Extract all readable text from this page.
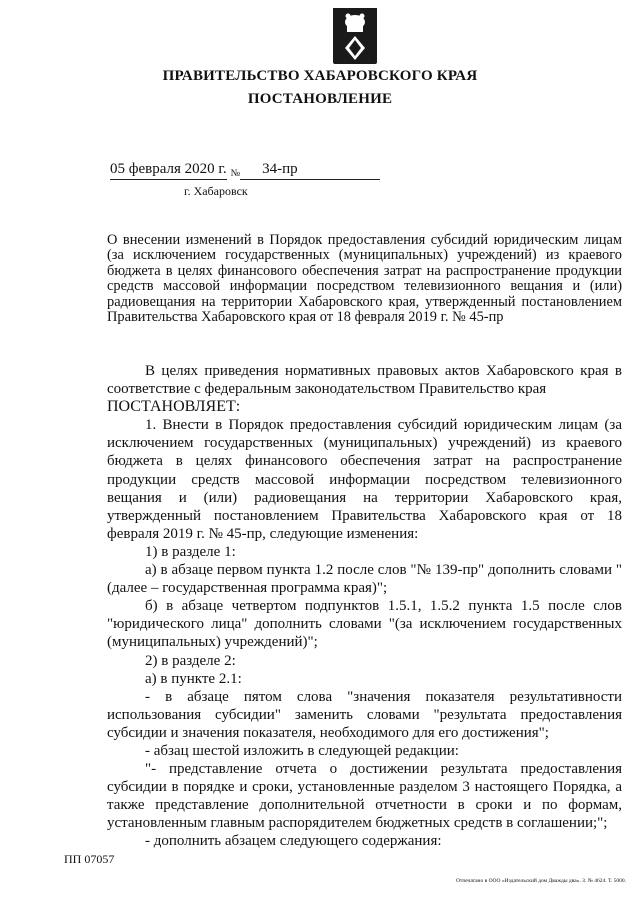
ПРАВИТЕЛЬСТВО ХАБАРОВСКОГО КРАЯ
ПОСТАНОВЛЕНИЕ
05 февраля 2020 г. $_№$ 34-пр
г. Хабаровск
О внесении изменений в Порядок предоставления субсидий юридическим лицам (за исключением государственных (муниципальных) учреждений) из краевого бюджета в целях финансового обеспечения затрат на распространение продукции средств массовой информации посредством телевизионного вещания и (или) радиовещания на территории Хабаровского края, утвержденный постановлением Правительства Хабаровского края от 18 февраля 2019 г. № 45-пр

В целях приведения нормативных правовых актов Хабаровского края в соответствие с федеральным законодательством Правительство края

ПОСТАНОВЛЯЕТ:

1. Внести в Порядок предоставления субсидий юридическим лицам (за исключением государственных (муниципальных) учреждений) из краевого бюджета в целях финансового обеспечения затрат на распространение продукции средств массовой информации посредством телевизионного вещания и (или) радиовещания на территории Хабаровского края, утвержденный постановлением Правительства Хабаровского края от 18 февраля 2019 г. № 45-пр, следующие изменения:

1) в разделе 1:

а) в абзаце первом пункта 1.2 после слов "№ 139-пр" дополнить словами "(далее – государственная программа края)";

б) в абзаце четвертом подпунктов 1.5.1, 1.5.2 пункта 1.5 после слов "юридического лица" дополнить словами "(за исключением государственных (муниципальных) учреждений)";

2) в разделе 2:

а) в пункте 2.1:

- в абзаце пятом слова "значения показателя результативности использования субсидии" заменить словами "результата предоставления субсидии и значения показателя, необходимого для его достижения";

- абзац шестой изложить в следующей редакции:

"- представление отчета о достижении результата предоставления субсидии в порядке и сроки, установленные разделом 3 настоящего Порядка, а также представление дополнительной отчетности в сроки и по формам, установленным главным распорядителем бюджетных средств в соглашении;";

- дополнить абзацем следующего содержания:

ПП 07057
Отпечатано в ООО «Издательский дом Дважды два». З. № 4624. Т. 5000.
